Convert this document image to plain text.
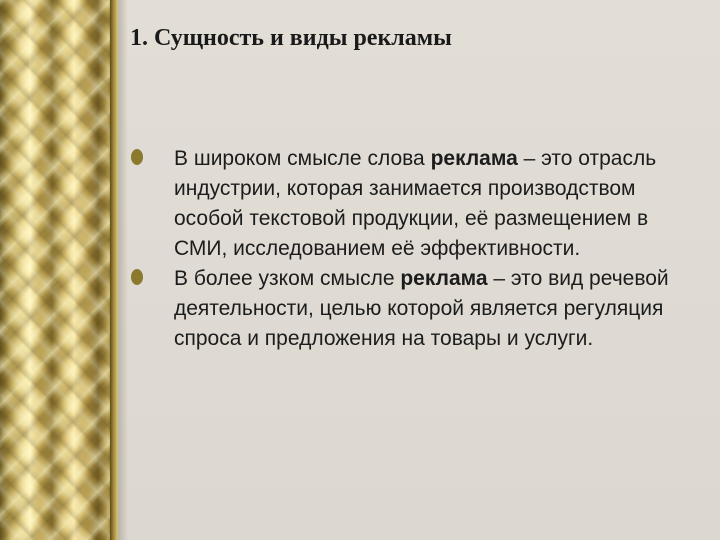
1. Сущность и виды рекламы
В широком смысле слова реклама – это отрасль индустрии, которая занимается производством особой текстовой продукции, её размещением в СМИ, исследованием её эффективности.
В более узком смысле реклама – это вид речевой деятельности, целью которой является регуляция спроса и предложения на товары и услуги.
